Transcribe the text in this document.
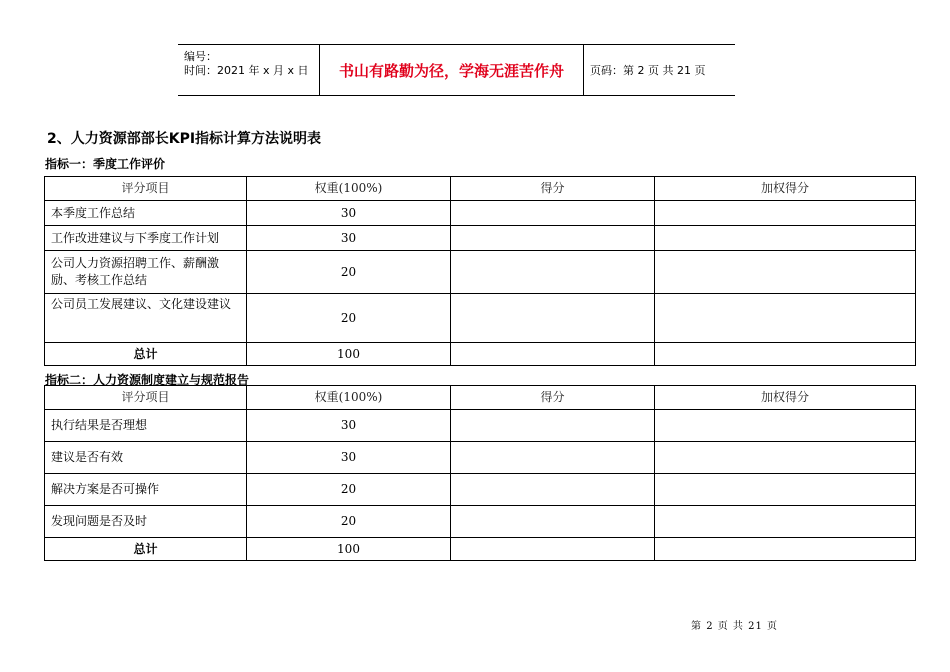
编号：
时间：2021 年 x 月 x 日	书山有路勤为径，学海无涯苦作舟	页码：第 2 页 共 21 页
2、人力资源部部长KPI指标计算方法说明表
指标一：季度工作评价
评分项目	权重(100%)	得分	加权得分
本季度工作总结	30		
工作改进建议与下季度工作计划	30		
公司人力资源招聘工作、薪酬激励、考核工作总结	20		
公司员工发展建议、文化建设建议	20		
总计	100		
指标二：人力资源制度建立与规范报告
评分项目	权重(100%)	得分	加权得分
执行结果是否理想	30		
建议是否有效	30		
解决方案是否可操作	20		
发现问题是否及时	20		
总计	100		
第 2 页 共 21 页
